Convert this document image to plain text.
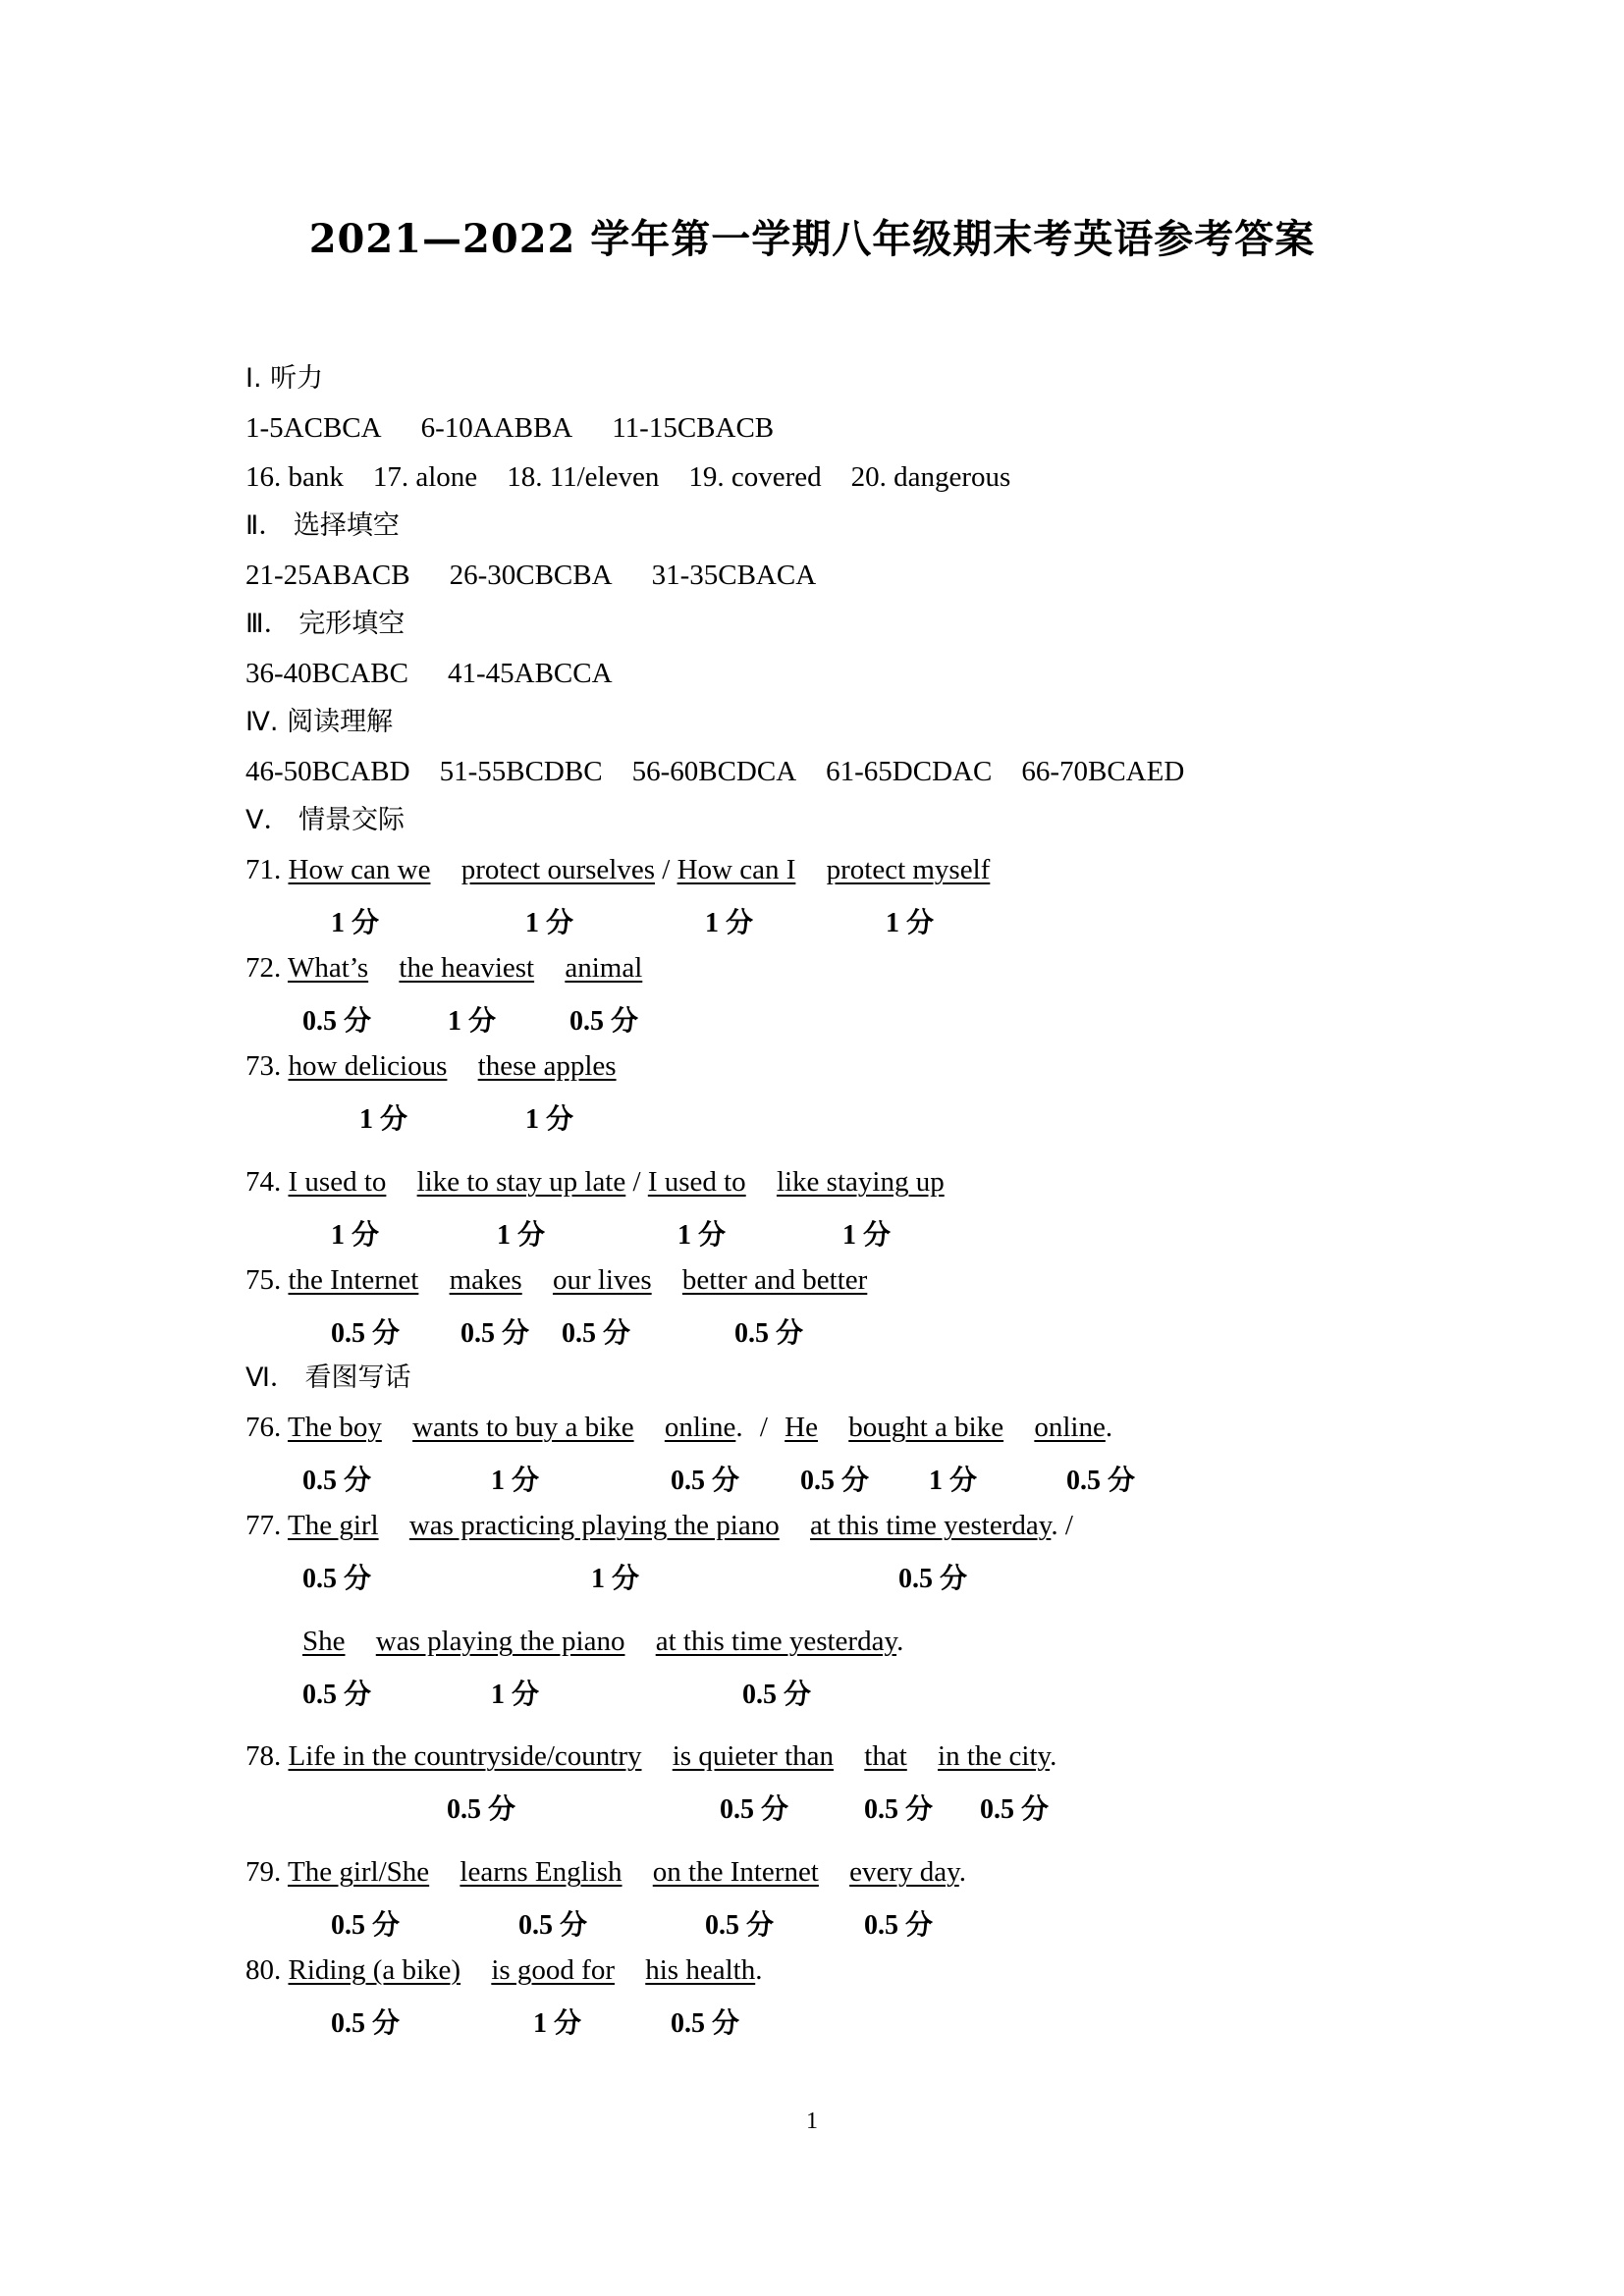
2021—2022 学年第一学期八年级期末考英语参考答案
Ⅰ. 听力
1-5ACBCA 6-10AABBA 11-15CBACB
16. bank 17. alone 18. 11/eleven 19. covered 20. dangerous
Ⅱ． 选择填空
21-25ABACB 26-30CBCBA 31-35CBACA
Ⅲ． 完形填空
36-40BCABC 41-45ABCCA
Ⅳ. 阅读理解
46-50BCABD 51-55BCDBC 56-60BCDCA 61-65DCDAC 66-70BCAED
Ⅴ． 情景交际
71. How can we protect ourselves / How can I protect myself
1 分	1 分	1 分	1 分
72. What’s the heaviest animal
0.5 分	1 分	0.5 分
73. how delicious these apples
1 分	1 分
74. I used to like to stay up late / I used to like staying up
1 分	1 分	1 分	1 分
75. the Internet makes our lives better and better
0.5 分 0.5 分 0.5 分	0.5 分
Ⅵ． 看图写话
76. The boy wants to buy a bike online. / He bought a bike online.
0.5 分	1 分	0.5 分 0.5 分 1 分	0.5 分
77. The girl was practicing playing the piano at this time yesterday. /
0.5 分	1 分	0.5 分
She was playing the piano at this time yesterday.
0.5 分	1 分	0.5 分
78. Life in the countryside/country is quieter than that in the city.
0.5 分	0.5 分	0.5 分 0.5 分
79. The girl/She learns English on the Internet every day.
0.5 分	0.5 分	0.5 分	0.5 分
80. Riding (a bike) is good for his health.
0.5 分	1 分	0.5 分
1
